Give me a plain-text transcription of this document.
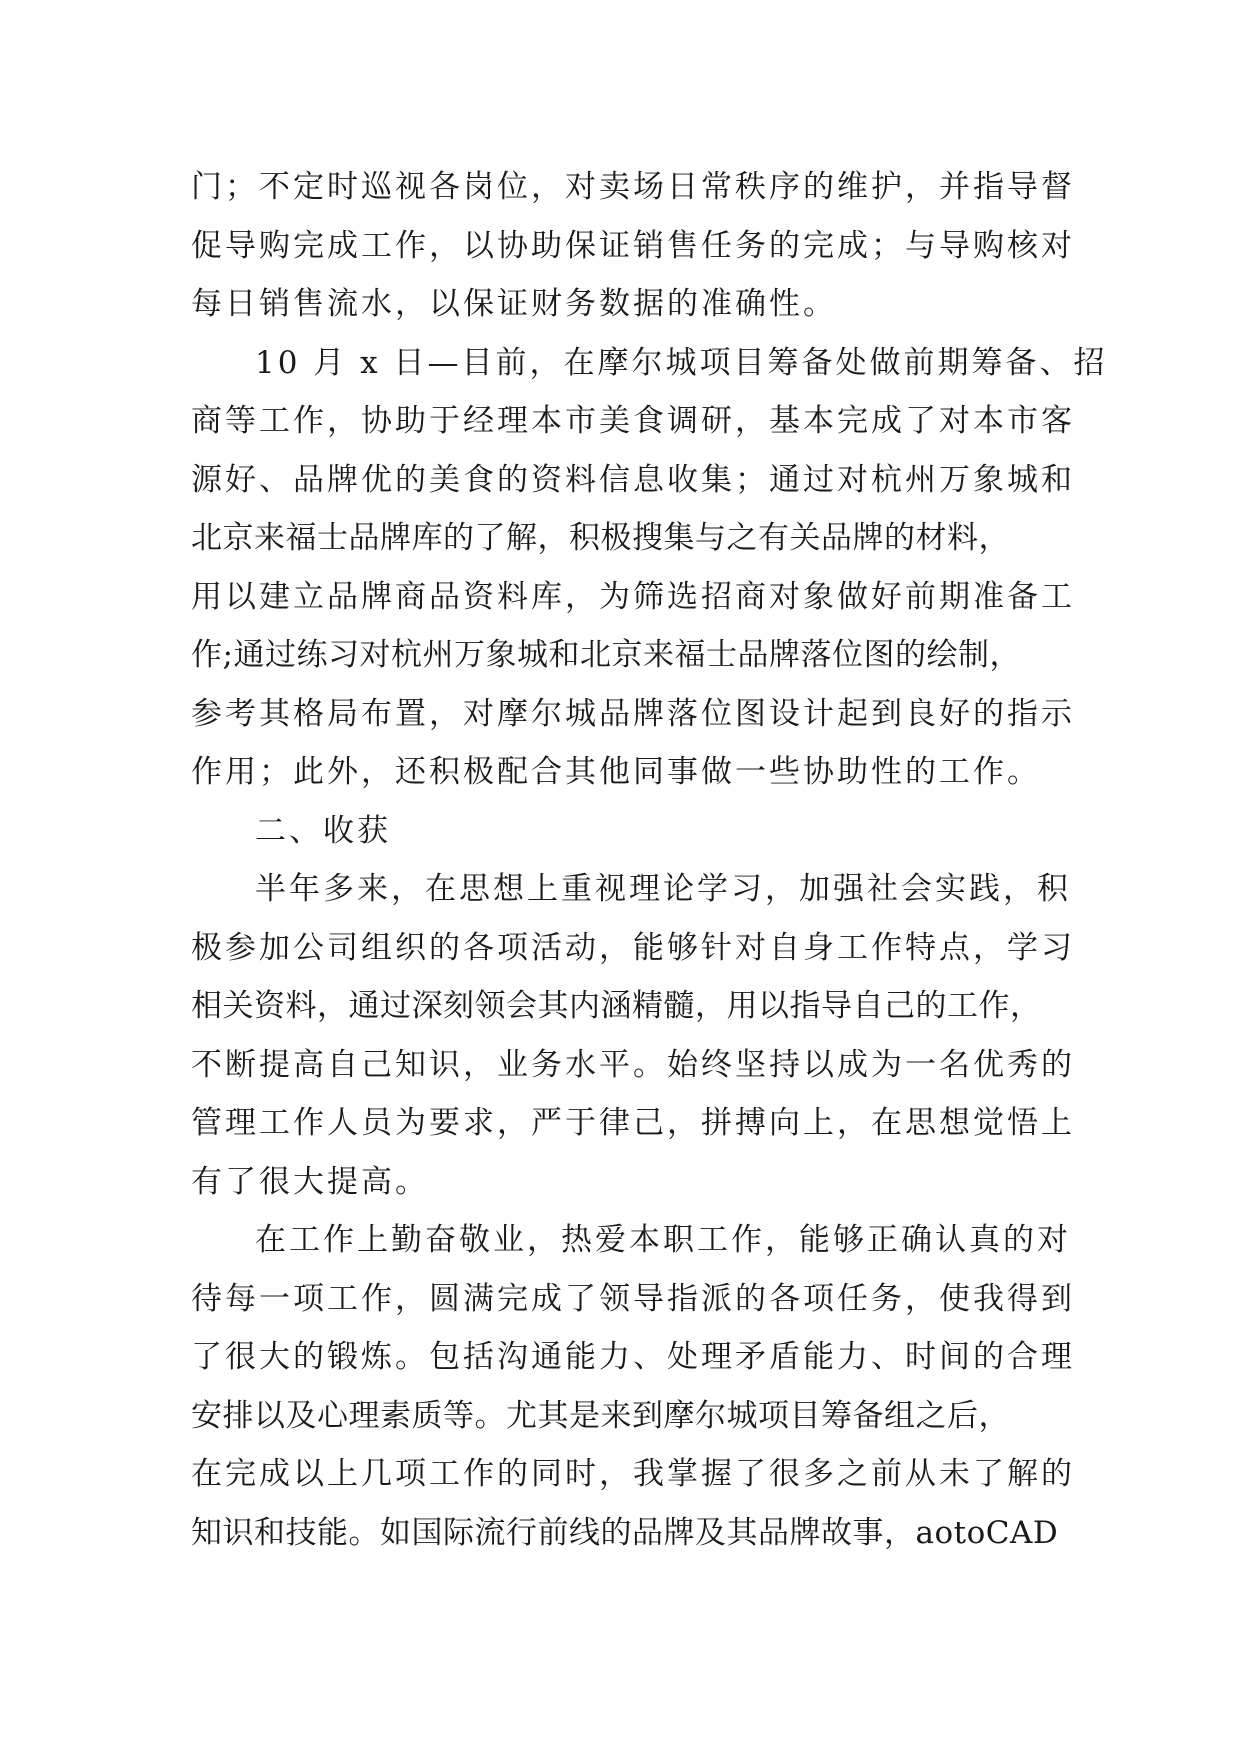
门；不定时巡视各岗位，对卖场日常秩序的维护，并指导督
促导购完成工作，以协助保证销售任务的完成；与导购核对
每日销售流水，以保证财务数据的准确性。
10 月 x 日—目前，在摩尔城项目筹备处做前期筹备、招
商等工作，协助于经理本市美食调研，基本完成了对本市客
源好、品牌优的美食的资料信息收集；通过对杭州万象城和
北京来福士品牌库的了解，积极搜集与之有关品牌的材料，
用以建立品牌商品资料库，为筛选招商对象做好前期准备工
作;通过练习对杭州万象城和北京来福士品牌落位图的绘制，
参考其格局布置，对摩尔城品牌落位图设计起到良好的指示
作用；此外，还积极配合其他同事做一些协助性的工作。
二、收获
半年多来，在思想上重视理论学习，加强社会实践，积
极参加公司组织的各项活动，能够针对自身工作特点，学习
相关资料，通过深刻领会其内涵精髓，用以指导自己的工作，
不断提高自己知识，业务水平。始终坚持以成为一名优秀的
管理工作人员为要求，严于律己，拼搏向上，在思想觉悟上
有了很大提高。
在工作上勤奋敬业，热爱本职工作，能够正确认真的对
待每一项工作，圆满完成了领导指派的各项任务，使我得到
了很大的锻炼。包括沟通能力、处理矛盾能力、时间的合理
安排以及心理素质等。尤其是来到摩尔城项目筹备组之后，
在完成以上几项工作的同时，我掌握了很多之前从未了解的
知识和技能。如国际流行前线的品牌及其品牌故事，aotoCAD
